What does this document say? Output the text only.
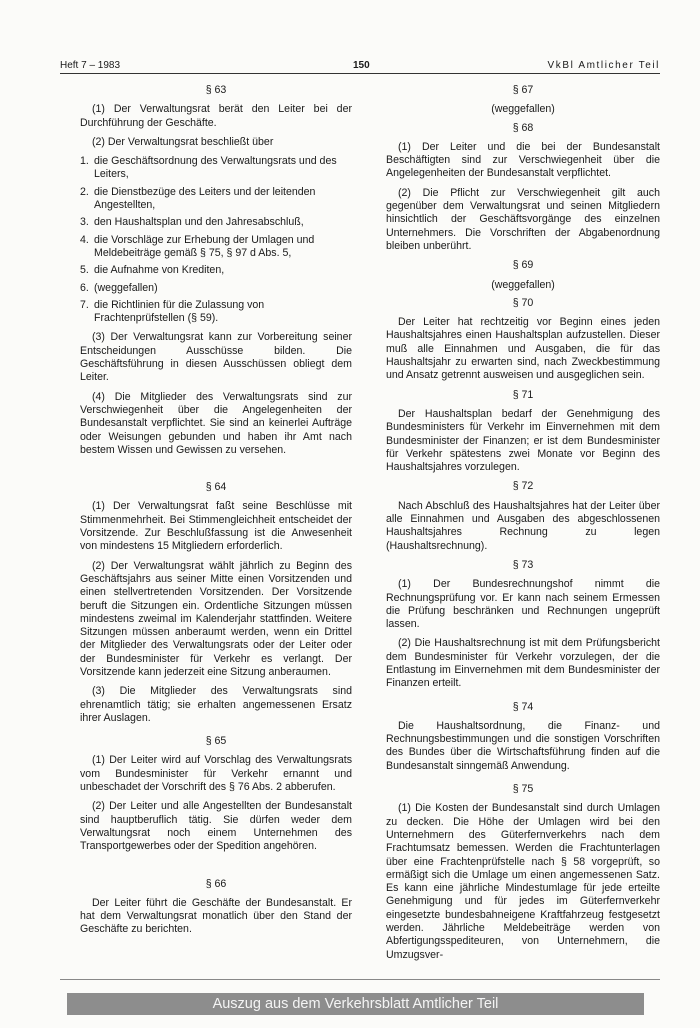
Heft 7 – 1983	150	VkBl Amtlicher Teil
§ 63

(1) Der Verwaltungsrat berät den Leiter bei der Durchführung der Geschäfte.

(2) Der Verwaltungsrat beschließt über

1. die Geschäftsordnung des Verwaltungsrats und des Leiters,
2. die Dienstbezüge des Leiters und der leitenden Angestellten,
3. den Haushaltsplan und den Jahresabschluß,
4. die Vorschläge zur Erhebung der Umlagen und Meldebeiträge gemäß § 75, § 97 d Abs. 5,
5. die Aufnahme von Krediten,
6. (weggefallen)
7. die Richtlinien für die Zulassung von Frachtenprüfstellen (§ 59).

(3) Der Verwaltungsrat kann zur Vorbereitung seiner Entscheidungen Ausschüsse bilden. Die Geschäftsführung in diesen Ausschüssen obliegt dem Leiter.

(4) Die Mitglieder des Verwaltungsrats sind zur Verschwiegenheit über die Angelegenheiten der Bundesanstalt verpflichtet. Sie sind an keinerlei Aufträge oder Weisungen gebunden und haben ihr Amt nach bestem Wissen und Gewissen zu versehen.

§ 64

(1) Der Verwaltungsrat faßt seine Beschlüsse mit Stimmenmehrheit. Bei Stimmengleichheit entscheidet der Vorsitzende. Zur Beschlußfassung ist die Anwesenheit von mindestens 15 Mitgliedern erforderlich.

(2) Der Verwaltungsrat wählt jährlich zu Beginn des Geschäftsjahrs aus seiner Mitte einen Vorsitzenden und einen stellvertretenden Vorsitzenden. Der Vorsitzende beruft die Sitzungen ein. Ordentliche Sitzungen müssen mindestens zweimal im Kalenderjahr stattfinden. Weitere Sitzungen müssen anberaumt werden, wenn ein Drittel der Mitglieder des Verwaltungsrats oder der Leiter oder der Bundesminister für Verkehr es verlangt. Der Vorsitzende kann jederzeit eine Sitzung anberaumen.

(3) Die Mitglieder des Verwaltungsrats sind ehrenamtlich tätig; sie erhalten angemessenen Ersatz ihrer Auslagen.

§ 65

(1) Der Leiter wird auf Vorschlag des Verwaltungsrats vom Bundesminister für Verkehr ernannt und unbeschadet der Vorschrift des § 76 Abs. 2 abberufen.

(2) Der Leiter und alle Angestellten der Bundesanstalt sind hauptberuflich tätig. Sie dürfen weder dem Verwaltungsrat noch einem Unternehmen des Transportgewerbes oder der Spedition angehören.

§ 66

Der Leiter führt die Geschäfte der Bundesanstalt. Er hat dem Verwaltungsrat monatlich über den Stand der Geschäfte zu berichten.

§ 67
(weggefallen)
§ 68

(1) Der Leiter und die bei der Bundesanstalt Beschäftigten sind zur Verschwiegenheit über die Angelegenheiten der Bundesanstalt verpflichtet.

(2) Die Pflicht zur Verschwiegenheit gilt auch gegenüber dem Verwaltungsrat und seinen Mitgliedern hinsichtlich der Geschäftsvorgänge des einzelnen Unternehmers. Die Vorschriften der Abgabenordnung bleiben unberührt.

§ 69
(weggefallen)
§ 70

Der Leiter hat rechtzeitig vor Beginn eines jeden Haushaltsjahres einen Haushaltsplan aufzustellen. Dieser muß alle Einnahmen und Ausgaben, die für das Haushaltsjahr zu erwarten sind, nach Zweckbestimmung und Ansatz getrennt ausweisen und ausgeglichen sein.

§ 71

Der Haushaltsplan bedarf der Genehmigung des Bundesministers für Verkehr im Einvernehmen mit dem Bundesminister der Finanzen; er ist dem Bundesminister für Verkehr spätestens zwei Monate vor Beginn des Haushaltsjahres vorzulegen.

§ 72

Nach Abschluß des Haushaltsjahres hat der Leiter über alle Einnahmen und Ausgaben des abgeschlossenen Haushaltsjahres Rechnung zu legen (Haushaltsrechnung).

§ 73

(1) Der Bundesrechnungshof nimmt die Rechnungsprüfung vor. Er kann nach seinem Ermessen die Prüfung beschränken und Rechnungen ungeprüft lassen.

(2) Die Haushaltsrechnung ist mit dem Prüfungsbericht dem Bundesminister für Verkehr vorzulegen, der die Entlastung im Einvernehmen mit dem Bundesminister der Finanzen erteilt.

§ 74

Die Haushaltsordnung, die Finanz- und Rechnungsbestimmungen und die sonstigen Vorschriften des Bundes über die Wirtschaftsführung finden auf die Bundesanstalt sinngemäß Anwendung.

§ 75

(1) Die Kosten der Bundesanstalt sind durch Umlagen zu decken. Die Höhe der Umlagen wird bei den Unternehmern des Güterfernverkehrs nach dem Frachtumsatz bemessen. Werden die Frachtunterlagen über eine Frachtenprüfstelle nach § 58 vorgeprüft, so ermäßigt sich die Umlage um einen angemessenen Satz. Es kann eine jährliche Mindestumlage für jede erteilte Genehmigung und für jedes im Güterfernverkehr eingesetzte bundesbahneigene Kraftfahrzeug festgesetzt werden. Jährliche Meldebeiträge werden von Abfertigungsspediteuren, von Unternehmern, die Umzugsver-

Auszug aus dem Verkehrsblatt Amtlicher Teil
